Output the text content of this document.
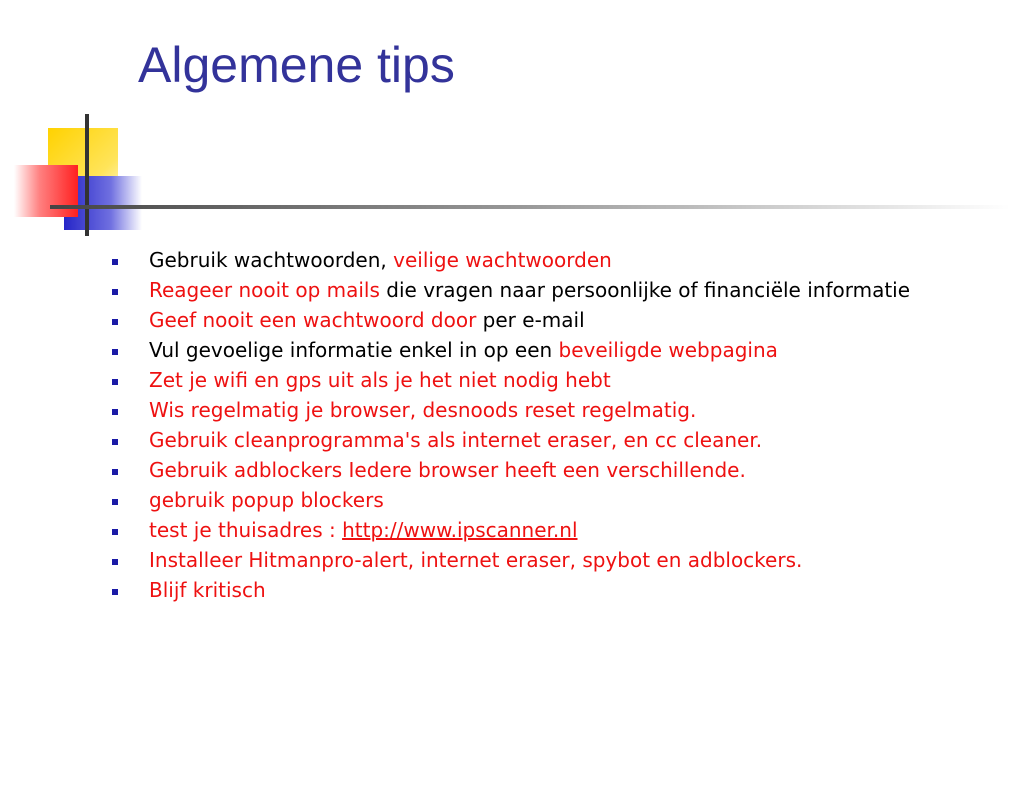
Algemene tips
Gebruik wachtwoorden, veilige wachtwoorden
Reageer nooit op mails die vragen naar persoonlijke of financiële informatie
Geef nooit een wachtwoord door per e-mail
Vul gevoelige informatie enkel in op een beveiligde webpagina
Zet je wifi en gps uit als je het niet nodig hebt
Wis regelmatig je browser, desnoods reset regelmatig.
Gebruik cleanprogramma's als internet eraser, en cc cleaner.
Gebruik adblockers Iedere browser heeft een verschillende.
gebruik popup blockers
test je thuisadres : http://www.ipscanner.nl
Installeer Hitmanpro-alert, internet eraser, spybot en adblockers.
Blijf kritisch
